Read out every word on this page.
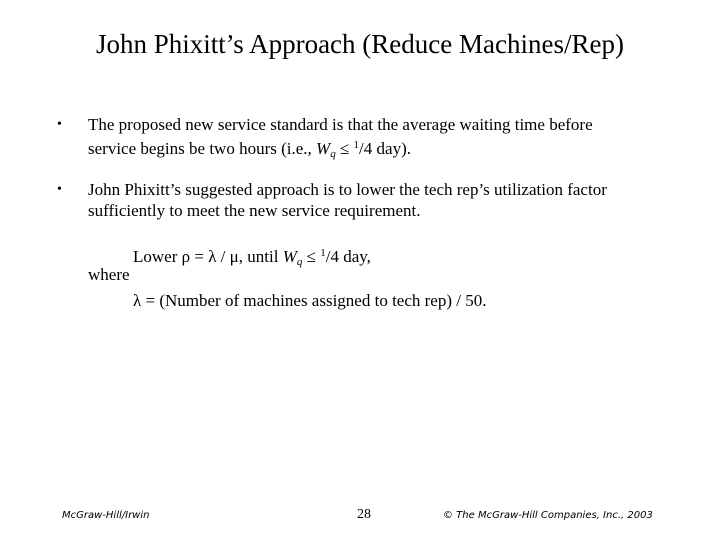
John Phixitt’s Approach (Reduce Machines/Rep)
• The proposed new service standard is that the average waiting time before
service begins be two hours (i.e., $W_q \le ^1/4$ day).
• John Phixitt’s suggested approach is to lower the tech rep’s utilization factor
sufficiently to meet the new service requirement.
Lower ρ = λ / μ, until $W_q \le ^1/4$ day,
where
λ = (Number of machines assigned to tech rep) / 50.
McGraw-Hill/Irwin	28	© The McGraw-Hill Companies, Inc., 2003
